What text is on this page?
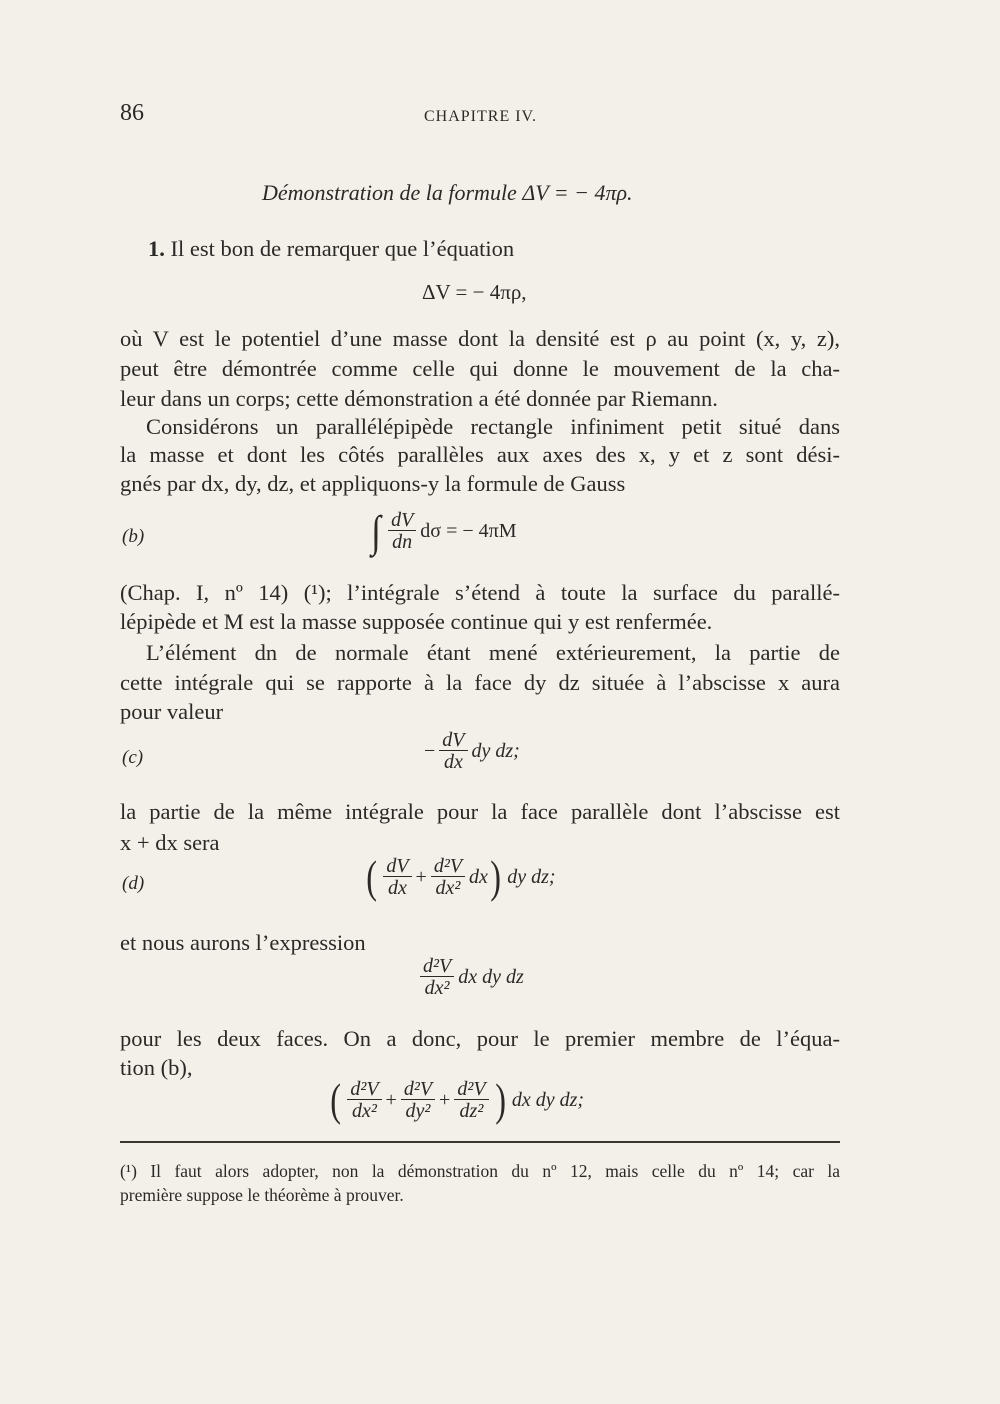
86	CHAPITRE IV.
Démonstration de la formule ΔV = − 4πρ.
1. Il est bon de remarquer que l’équation
ΔV = − 4πρ,
où V est le potentiel d’une masse dont la densité est ρ au point (x, y, z),
peut être démontrée comme celle qui donne le mouvement de la cha-
leur dans un corps; cette démonstration a été donnée par Riemann.
Considérons un parallélépipède rectangle infiniment petit situé dans
la masse et dont les côtés parallèles aux axes des x, y et z sont dési-
gnés par dx, dy, dz, et appliquons-y la formule de Gauss
(b)	∫ $\frac{dV}{dn}$ dσ = − 4πM
(Chap. I, nº 14) (¹); l’intégrale s’étend à toute la surface du parallé-
lépipède et M est la masse supposée continue qui y est renfermée.
L’élément dn de normale étant mené extérieurement, la partie de
cette intégrale qui se rapporte à la face dy dz située à l’abscisse x aura
pour valeur
(c)	− $\frac{dV}{dx}$ dy dz;
la partie de la même intégrale pour la face parallèle dont l’abscisse est
x + dx sera
(d)	( $\frac{dV}{dx} + \frac{\text{d²V}}{\text{dx²}}$ dx ) dy dz;
et nous aurons l’expression
$\frac{\text{d²V}}{\text{dx²}}$ dx dy dz
pour les deux faces. On a donc, pour le premier membre de l’équa-
tion (b),
( $\frac{\text{d²V}}{\text{dx²}} + \frac{\text{d²V}}{\text{dy²}} + \frac{\text{d²V}}{\text{dz²}}$ ) dx dy dz;
(¹) Il faut alors adopter, non la démonstration du nº 12, mais celle du nº 14; car la
première suppose le théorème à prouver.
